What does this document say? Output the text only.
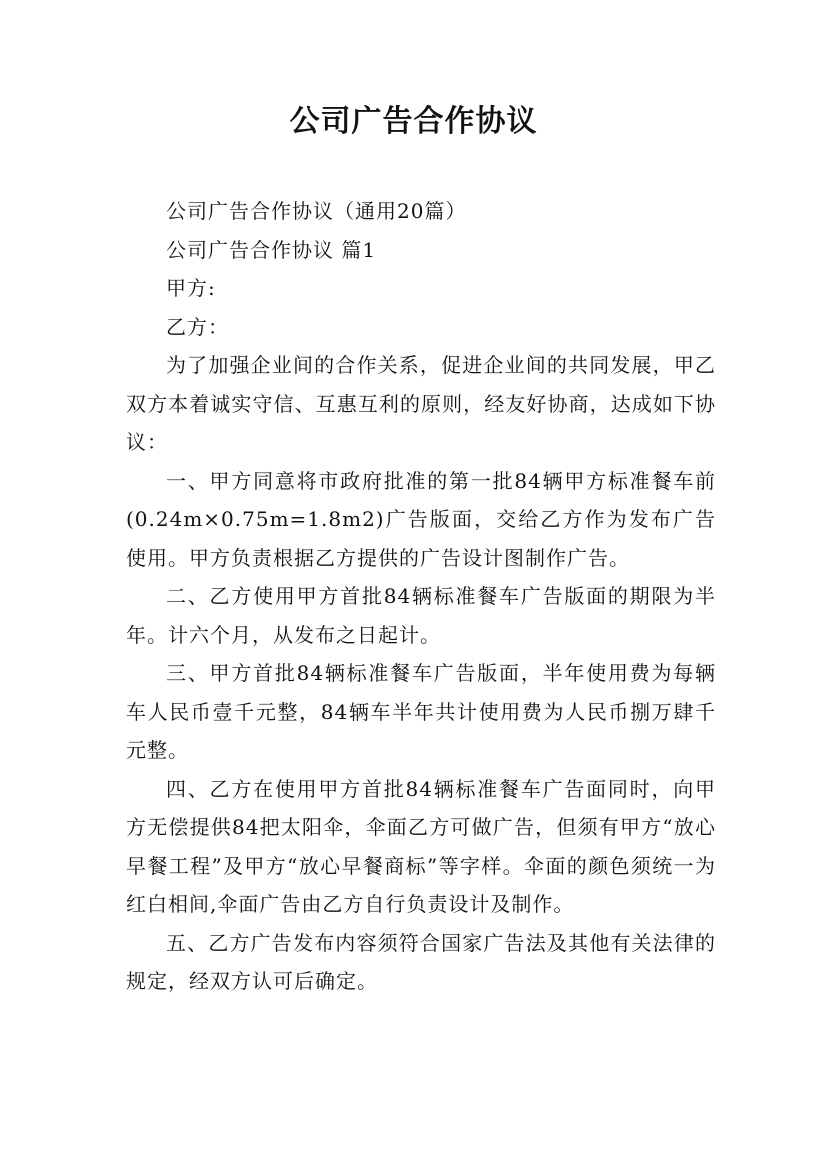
公司广告合作协议

公司广告合作协议（通用20篇）

公司广告合作协议 篇1

甲方:

乙方：

为了加强企业间的合作关系，促进企业间的共同发展，甲乙双方本着诚实守信、互惠互利的原则，经友好协商，达成如下协议：

一、甲方同意将市政府批准的第一批84辆甲方标准餐车前(0.24m×0.75m=1.8m2)广告版面，交给乙方作为发布广告使用。甲方负责根据乙方提供的广告设计图制作广告。

二、乙方使用甲方首批84辆标准餐车广告版面的期限为半年。计六个月，从发布之日起计。

三、甲方首批84辆标准餐车广告版面，半年使用费为每辆车人民币壹千元整，84辆车半年共计使用费为人民币捌万肆千元整。

四、乙方在使用甲方首批84辆标准餐车广告面同时，向甲方无偿提供84把太阳伞，伞面乙方可做广告，但须有甲方“放心早餐工程”及甲方“放心早餐商标”等字样。伞面的颜色须统一为红白相间,伞面广告由乙方自行负责设计及制作。

五、乙方广告发布内容须符合国家广告法及其他有关法律的规定，经双方认可后确定。
